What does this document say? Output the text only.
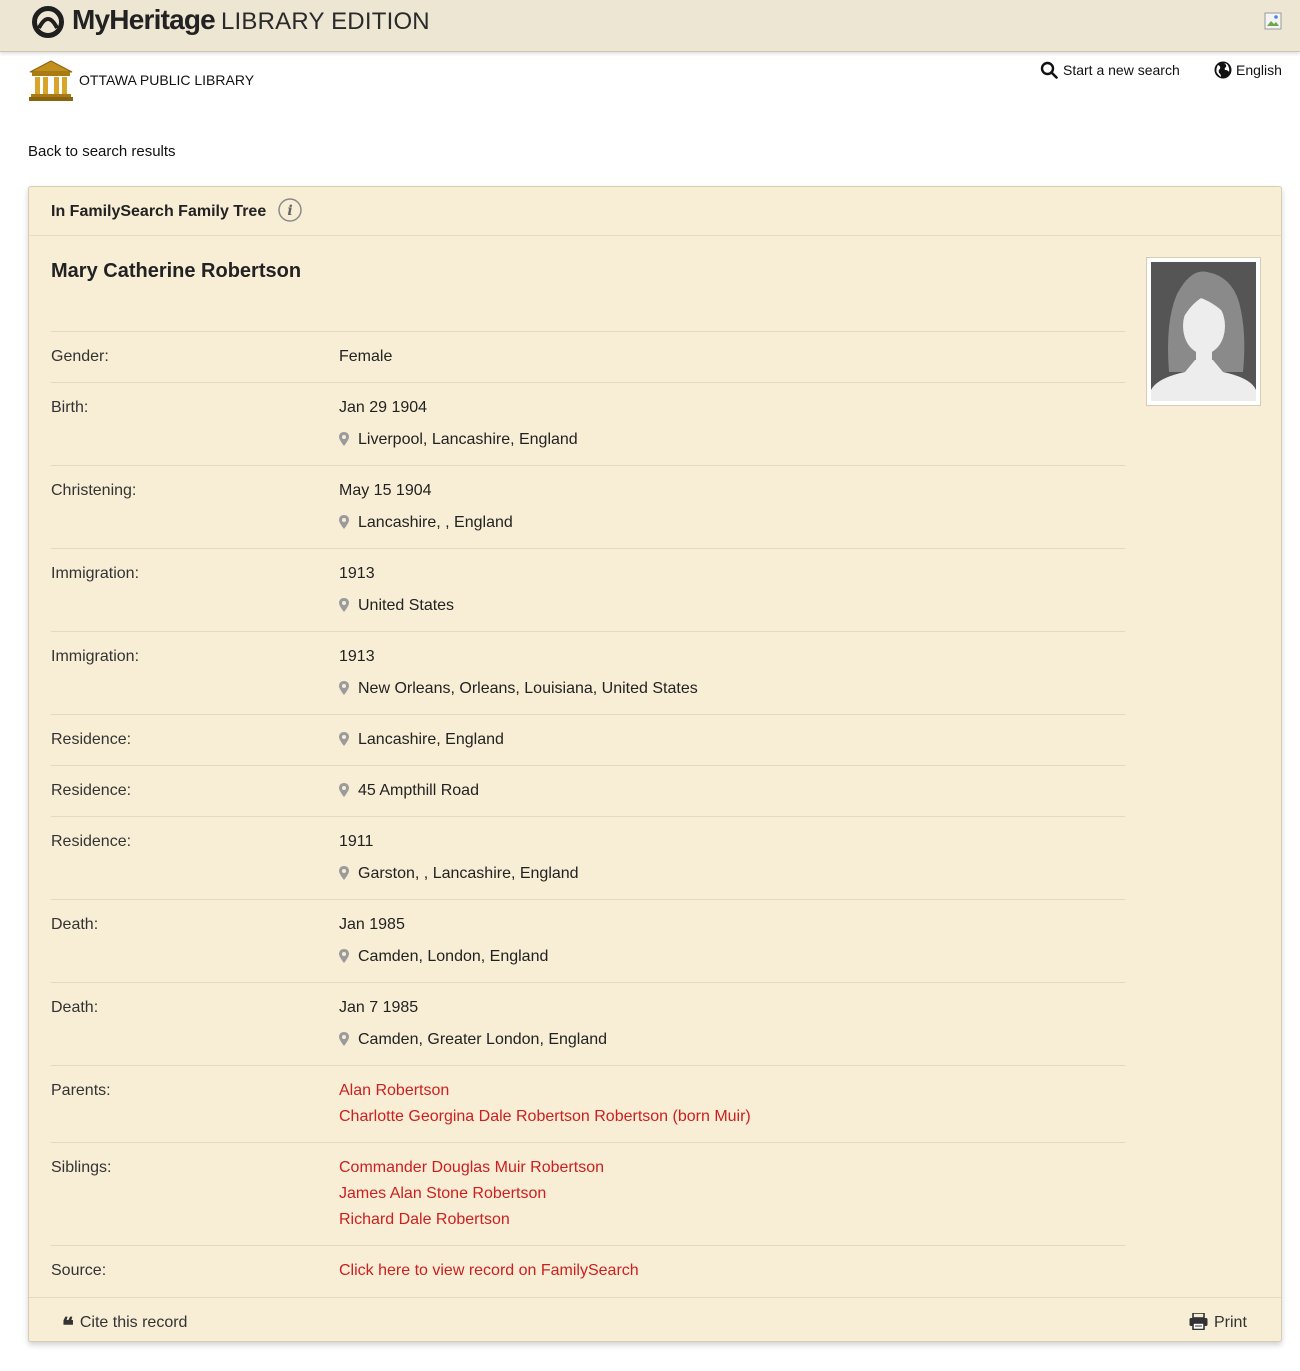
MyHeritage LIBRARY EDITION
OTTAWA PUBLIC LIBRARY
Start a new search	English
Back to search results
In FamilySearch Family Tree i
Mary Catherine Robertson
Gender:	Female
Birth:	Jan 29 1904
Liverpool, Lancashire, England
Christening:	May 15 1904
Lancashire, , England
Immigration:	1913
United States
Immigration:	1913
New Orleans, Orleans, Louisiana, United States
Residence:	Lancashire, England
Residence:	45 Ampthill Road
Residence:	1911
Garston, , Lancashire, England
Death:	Jan 1985
Camden, London, England
Death:	Jan 7 1985
Camden, Greater London, England
Parents:	Alan Robertson
Charlotte Georgina Dale Robertson Robertson (born Muir)
Siblings:	Commander Douglas Muir Robertson
James Alan Stone Robertson
Richard Dale Robertson
Source:	Click here to view record on FamilySearch
❝ Cite this record	Print
